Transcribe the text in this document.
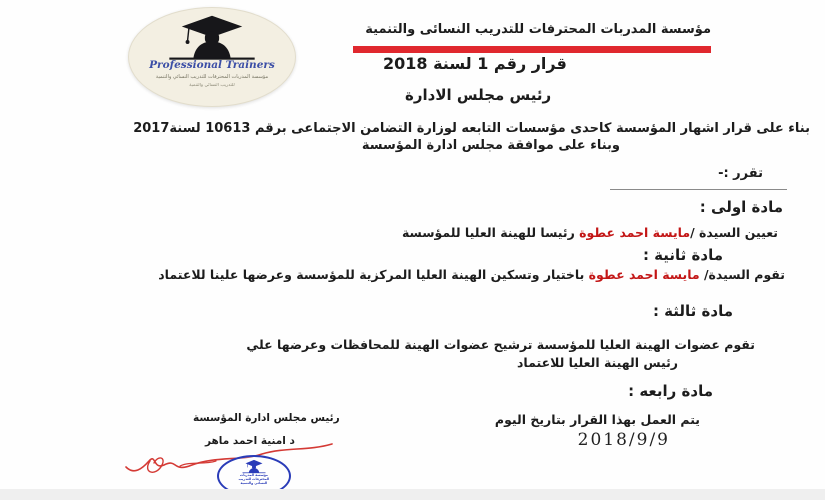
Professional Trainers
مؤسسة المدربات المحترفات للتدريب النسائي والتنمية
للتدريب النسائي والتنمية
مؤسسة المدربات المحترفات للتدريب النسائى والتنمية
قرار رقم 1 لسنة 2018
رئيس مجلس الادارة
بناء على قرار اشهار المؤسسة كاحدى مؤسسات التابعه لوزارة التضامن الاجتماعى برقم 10613 لسنة2017
وبناء على موافقة مجلس ادارة المؤسسة
تقرر :-
مادة اولى :
تعيين السيدة /مايسة احمد عطوة رئيسا للهينة العليا للمؤسسة
مادة ثانية :
تقوم السيدة/ مايسة احمد عطوة باختيار وتسكين الهينة العليا المركزية للمؤسسة وعرضها علينا للاعتماد
مادة ثالثة :
تقوم عضوات الهينة العليا للمؤسسة ترشيح عضوات الهينة للمحافظات وعرضها علي
رئيس الهينة العليا للاعتماد
مادة رابعه :
يتم العمل بهذا القرار بتاريخ اليوم
2018/9/9
رئيس مجلس ادارة المؤسسة
د امنية احمد ماهر
مؤسسة المدربات
المحترفات للتدريب
النسائي والتنمية
